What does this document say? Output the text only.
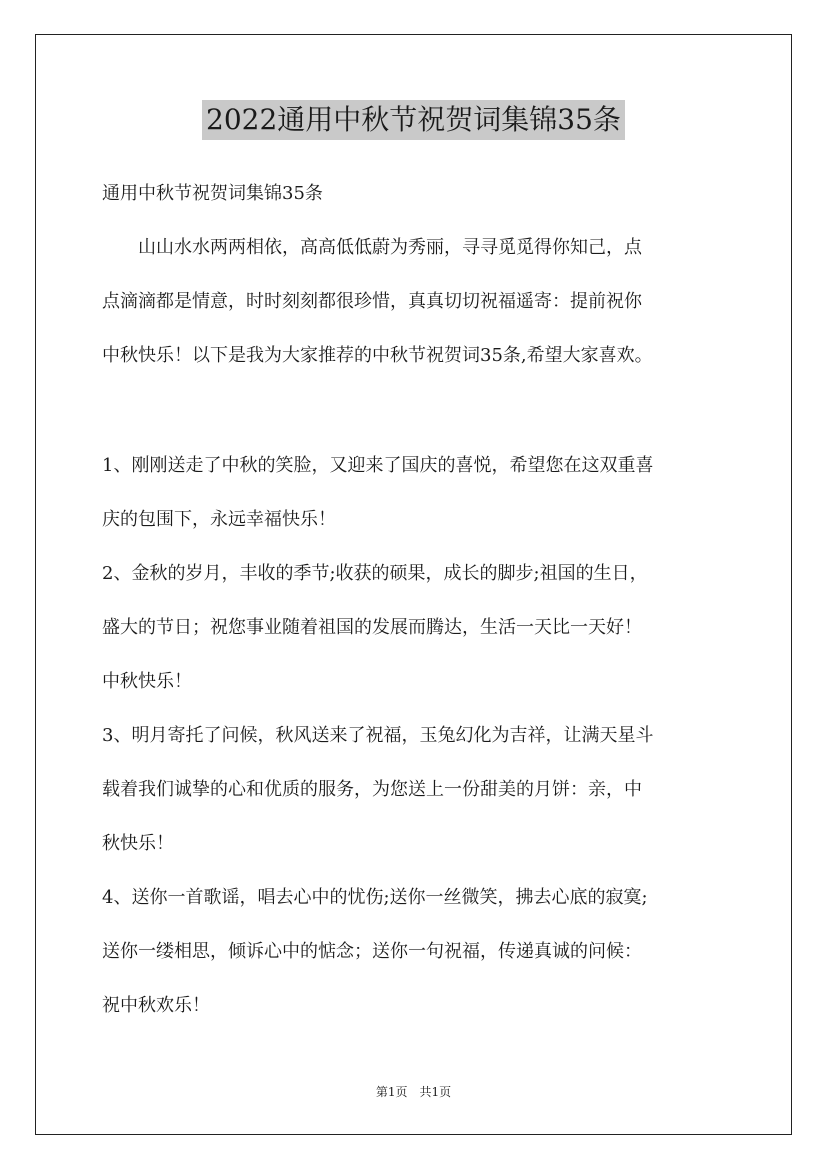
2022通用中秋节祝贺词集锦35条
通用中秋节祝贺词集锦35条
　　山山水水两两相依，高高低低蔚为秀丽，寻寻觅觅得你知己，点
点滴滴都是情意，时时刻刻都很珍惜，真真切切祝福遥寄：提前祝你
中秋快乐！以下是我为大家推荐的中秋节祝贺词35条,希望大家喜欢。
1、刚刚送走了中秋的笑脸，又迎来了国庆的喜悦，希望您在这双重喜
庆的包围下，永远幸福快乐！
2、金秋的岁月，丰收的季节;收获的硕果，成长的脚步;祖国的生日，
盛大的节日；祝您事业随着祖国的发展而腾达，生活一天比一天好！
中秋快乐！
3、明月寄托了问候，秋风送来了祝福，玉兔幻化为吉祥，让满天星斗
载着我们诚挚的心和优质的服务，为您送上一份甜美的月饼：亲，中
秋快乐！
4、送你一首歌谣，唱去心中的忧伤;送你一丝微笑，拂去心底的寂寞;
送你一缕相思，倾诉心中的惦念；送你一句祝福，传递真诚的问候：
祝中秋欢乐！
第1页　共1页
